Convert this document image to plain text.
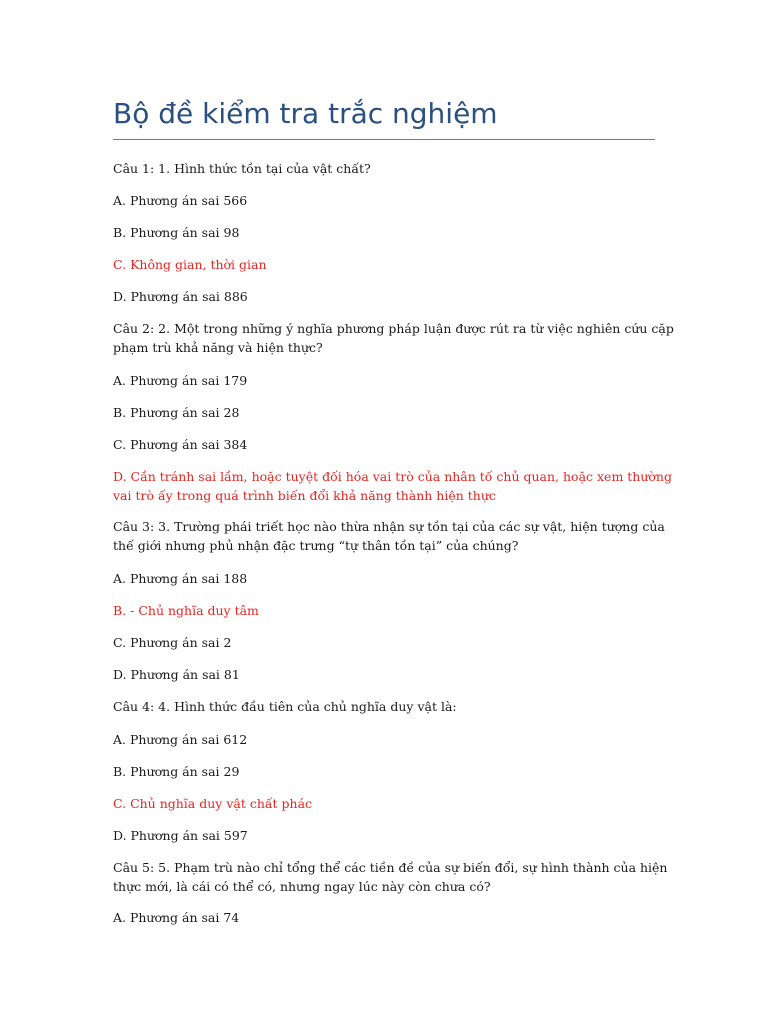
Bộ đề kiểm tra trắc nghiệm

Câu 1: 1. Hình thức tồn tại của vật chất?

A. Phương án sai 566

B. Phương án sai 98

C. Không gian, thời gian

D. Phương án sai 886

Câu 2: 2. Một trong những ý nghĩa phương pháp luận được rút ra từ việc nghiên cứu cặp

phạm trù khả năng và hiện thực?

A. Phương án sai 179

B. Phương án sai 28

C. Phương án sai 384

D. Cần tránh sai lầm, hoặc tuyệt đối hóa vai trò của nhân tố chủ quan, hoặc xem thường

vai trò ấy trong quá trình biến đổi khả năng thành hiện thực

Câu 3: 3. Trường phái triết học nào thừa nhận sự tồn tại của các sự vật, hiện tượng của

thế giới nhưng phủ nhận đặc trưng “tự thân tồn tại” của chúng?

A. Phương án sai 188

B. - Chủ nghĩa duy tâm

C. Phương án sai 2

D. Phương án sai 81

Câu 4: 4. Hình thức đầu tiên của chủ nghĩa duy vật là:

A. Phương án sai 612

B. Phương án sai 29

C. Chủ nghĩa duy vật chất phác

D. Phương án sai 597

Câu 5: 5. Phạm trù nào chỉ tổng thể các tiền đề của sự biến đổi, sự hình thành của hiện

thực mới, là cái có thể có, nhưng ngay lúc này còn chưa có?

A. Phương án sai 74
